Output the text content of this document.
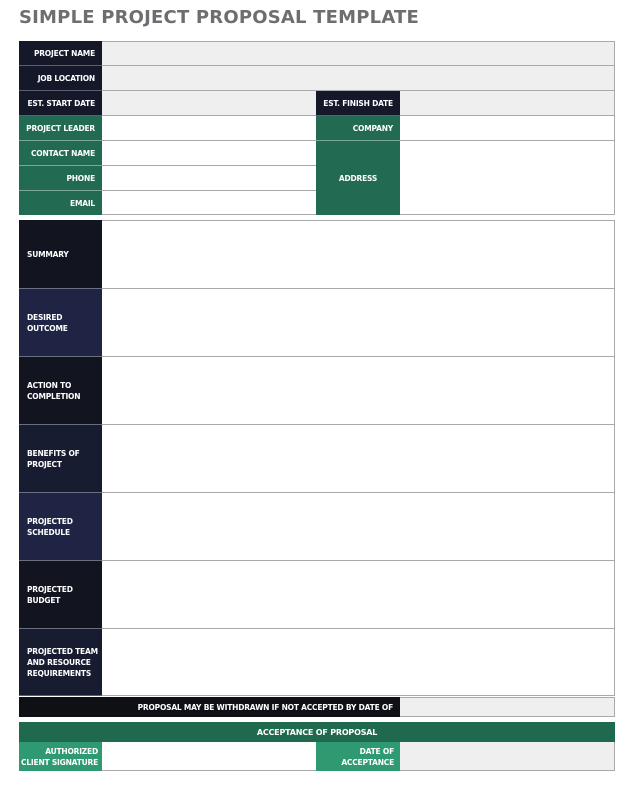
SIMPLE PROJECT PROPOSAL TEMPLATE
PROJECT NAME
JOB LOCATION
EST. START DATE	EST. FINISH DATE
PROJECT LEADER	COMPANY
CONTACT NAME
PHONE
EMAIL
ADDRESS
SUMMARY
DESIRED OUTCOME
ACTION TO COMPLETION
BENEFITS OF PROJECT
PROJECTED SCHEDULE
PROJECTED BUDGET
PROJECTED TEAM AND RESOURCE REQUIREMENTS
PROPOSAL MAY BE WITHDRAWN IF NOT ACCEPTED BY DATE OF
ACCEPTANCE OF PROPOSAL
AUTHORIZED CLIENT SIGNATURE
DATE OF ACCEPTANCE
